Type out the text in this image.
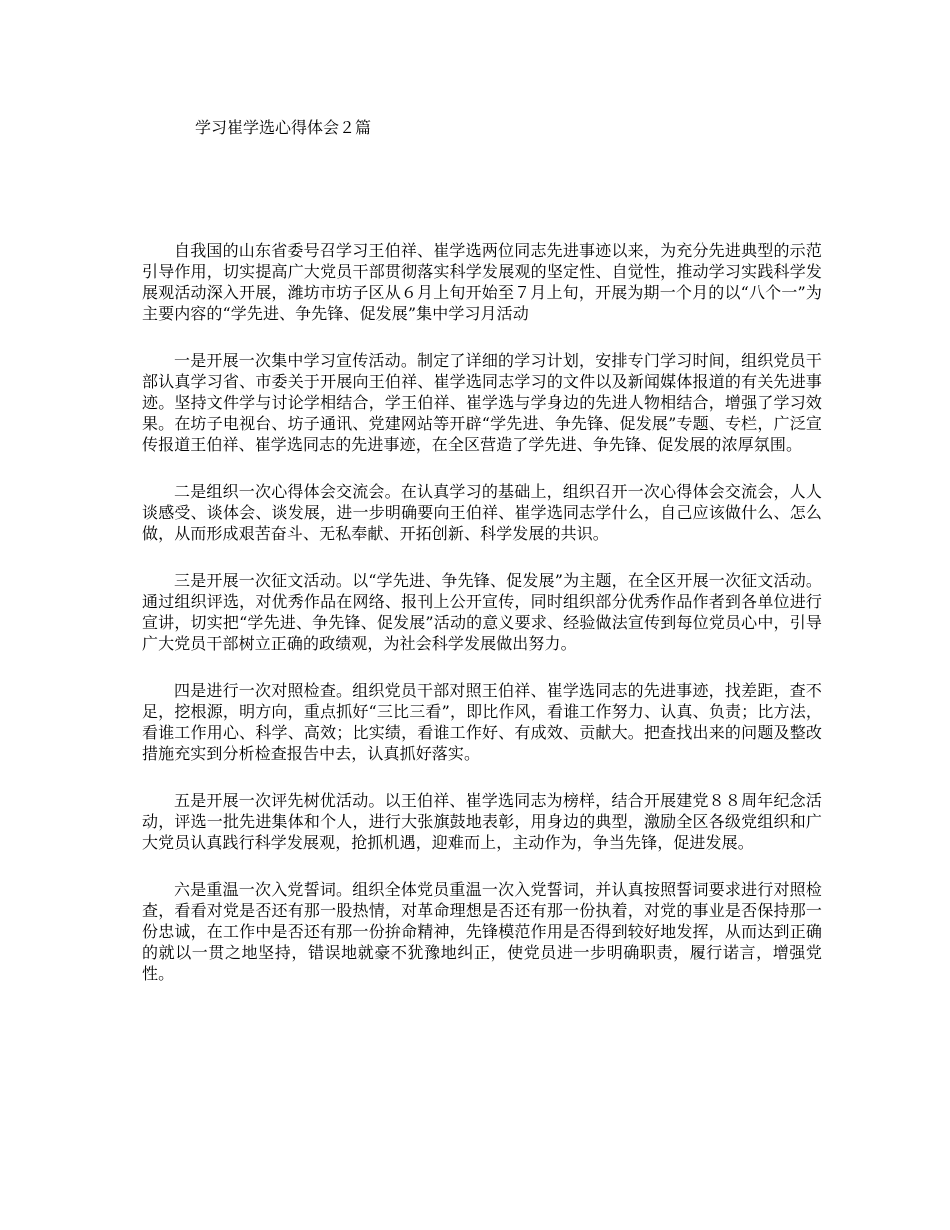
学习崔学选心得体会２篇

自我国的山东省委号召学习王伯祥、崔学选两位同志先进事迹以来，为充分先进典型的示范引导作用，切实提高广大党员干部贯彻落实科学发展观的坚定性、自觉性，推动学习实践科学发展观活动深入开展，潍坊市坊子区从６月上旬开始至７月上旬，开展为期一个月的以“八个一”为主要内容的“学先进、争先锋、促发展”集中学习月活动

一是开展一次集中学习宣传活动。制定了详细的学习计划，安排专门学习时间，组织党员干部认真学习省、市委关于开展向王伯祥、崔学选同志学习的文件以及新闻媒体报道的有关先进事迹。坚持文件学与讨论学相结合，学王伯祥、崔学选与学身边的先进人物相结合，增强了学习效果。在坊子电视台、坊子通讯、党建网站等开辟“学先进、争先锋、促发展”专题、专栏，广泛宣传报道王伯祥、崔学选同志的先进事迹，在全区营造了学先进、争先锋、促发展的浓厚氛围。

二是组织一次心得体会交流会。在认真学习的基础上，组织召开一次心得体会交流会，人人谈感受、谈体会、谈发展，进一步明确要向王伯祥、崔学选同志学什么，自己应该做什么、怎么做，从而形成艰苦奋斗、无私奉献、开拓创新、科学发展的共识。

三是开展一次征文活动。以“学先进、争先锋、促发展”为主题，在全区开展一次征文活动。通过组织评选，对优秀作品在网络、报刊上公开宣传，同时组织部分优秀作品作者到各单位进行宣讲，切实把“学先进、争先锋、促发展”活动的意义要求、经验做法宣传到每位党员心中，引导广大党员干部树立正确的政绩观，为社会科学发展做出努力。

四是进行一次对照检查。组织党员干部对照王伯祥、崔学选同志的先进事迹，找差距，查不足，挖根源，明方向，重点抓好“三比三看”，即比作风，看谁工作努力、认真、负责；比方法，看谁工作用心、科学、高效；比实绩，看谁工作好、有成效、贡献大。把查找出来的问题及整改措施充实到分析检查报告中去，认真抓好落实。

五是开展一次评先树优活动。以王伯祥、崔学选同志为榜样，结合开展建党８８周年纪念活动，评选一批先进集体和个人，进行大张旗鼓地表彰，用身边的典型，激励全区各级党组织和广大党员认真践行科学发展观，抢抓机遇，迎难而上，主动作为，争当先锋，促进发展。

六是重温一次入党誓词。组织全体党员重温一次入党誓词，并认真按照誓词要求进行对照检查，看看对党是否还有那一股热情，对革命理想是否还有那一份执着，对党的事业是否保持那一份忠诚，在工作中是否还有那一份拚命精神，先锋模范作用是否得到较好地发挥，从而达到正确的就以一贯之地坚持，错误地就豪不犹豫地纠正，使党员进一步明确职责，履行诺言，增强党性。
